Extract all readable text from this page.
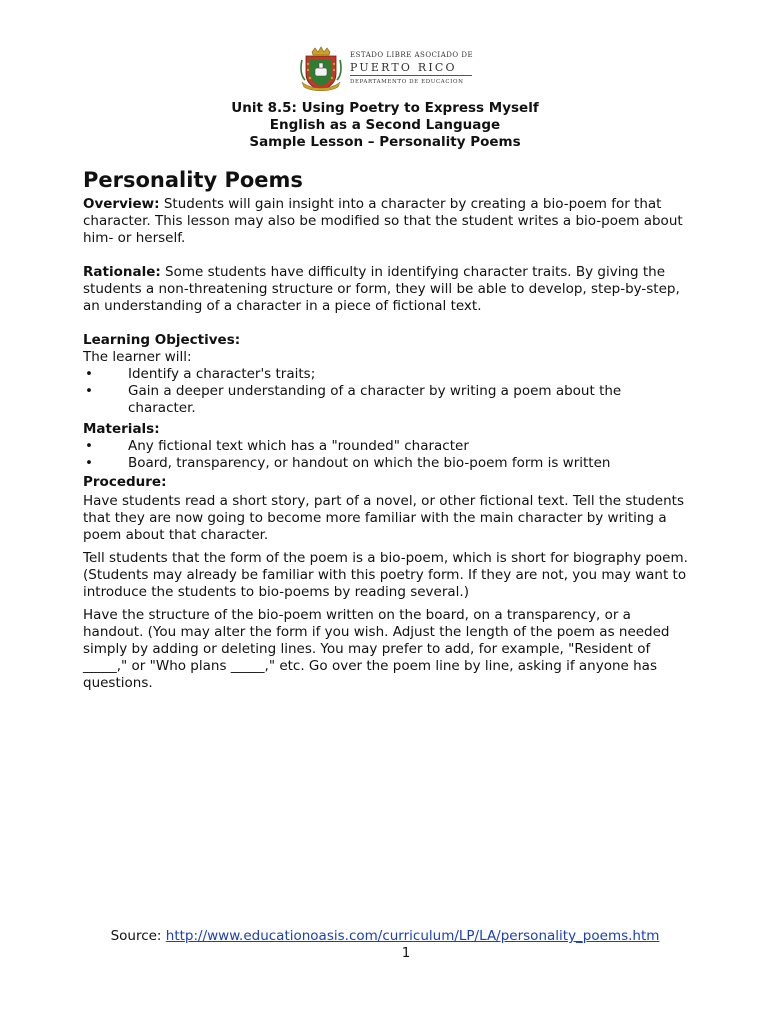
ESTADO LIBRE ASOCIADO DE
PUERTO RICO
DEPARTAMENTO DE EDUCACION
Unit 8.5: Using Poetry to Express Myself
English as a Second Language
Sample Lesson – Personality Poems
Personality Poems

Overview: Students will gain insight into a character by creating a bio-poem for that character. This lesson may also be modified so that the student writes a bio-poem about him- or herself.

Rationale: Some students have difficulty in identifying character traits. By giving the students a non-threatening structure or form, they will be able to develop, step-by-step, an understanding of a character in a piece of fictional text.

Learning Objectives:

The learner will:

•	Identify a character's traits;
•	Gain a deeper understanding of a character by writing a poem about the character.

Materials:

•	Any fictional text which has a "rounded" character
•	Board, transparency, or handout on which the bio-poem form is written

Procedure:

Have students read a short story, part of a novel, or other fictional text. Tell the students that they are now going to become more familiar with the main character by writing a poem about that character.

Tell students that the form of the poem is a bio-poem, which is short for biography poem. (Students may already be familiar with this poetry form. If they are not, you may want to introduce the students to bio-poems by reading several.)

Have the structure of the bio-poem written on the board, on a transparency, or a handout. (You may alter the form if you wish. Adjust the length of the poem as needed simply by adding or deleting lines. You may prefer to add, for example, "Resident of _____," or "Who plans _____," etc. Go over the poem line by line, asking if anyone has questions.

Source: http://www.educationoasis.com/curriculum/LP/LA/personality_poems.htm
1
